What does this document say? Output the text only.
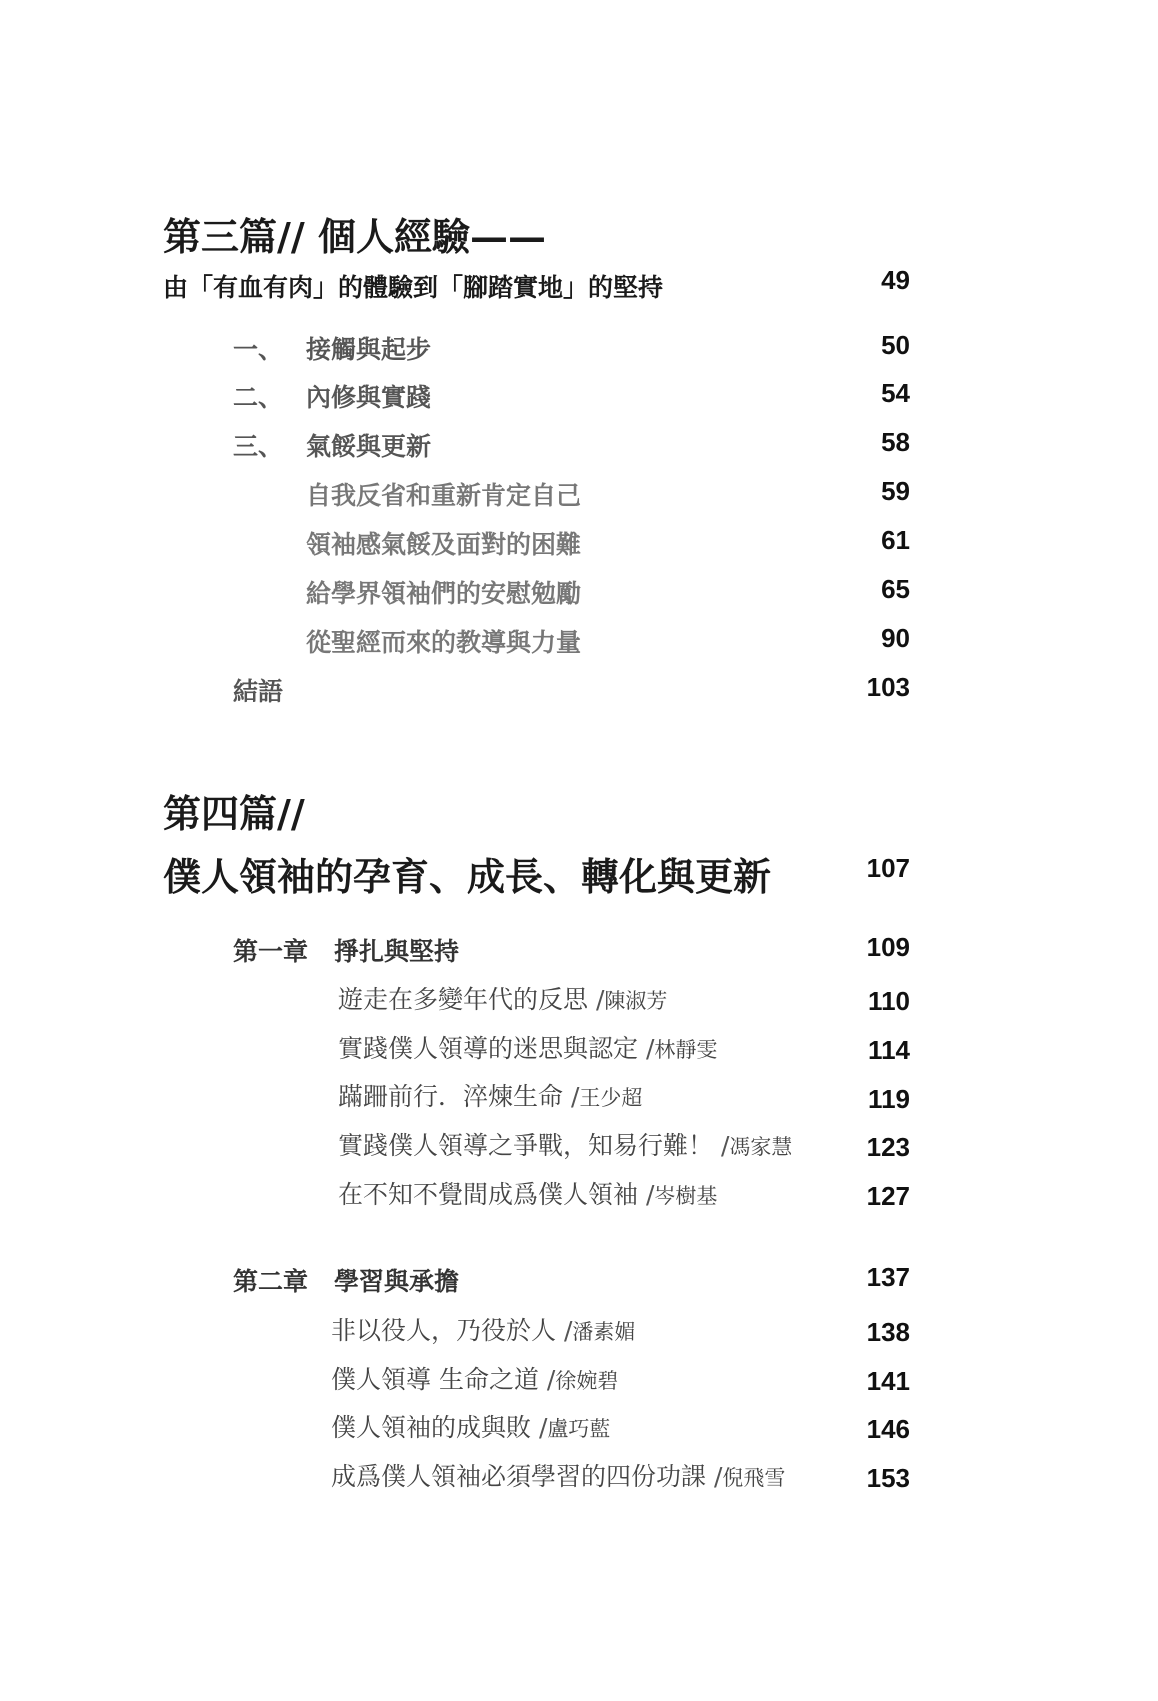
第三篇// 個人經驗——
由「有血有肉」的體驗到「腳踏實地」的堅持	49
一、 接觸與起步	50
二、 內修與實踐	54
三、 氣餒與更新	58
自我反省和重新肯定自己	59
領袖感氣餒及面對的困難	61
給學界領袖們的安慰勉勵	65
從聖經而來的教導與力量	90
結語	103
第四篇//
僕人領袖的孕育、成長、轉化與更新	107
第一章 掙扎與堅持	109
遊走在多變年代的反思 /陳淑芳	110
實踐僕人領導的迷思與認定 /林靜雯	114
蹣跚前行．淬煉生命 /王少超	119
實踐僕人領導之爭戰，知易行難！ /馮家慧	123
在不知不覺間成爲僕人領袖 /岑樹基	127
第二章 學習與承擔	137
非以役人，乃役於人 /潘素媚	138
僕人領導 生命之道 /徐婉碧	141
僕人領袖的成與敗 /盧巧藍	146
成爲僕人領袖必須學習的四份功課 /倪飛雪	153
